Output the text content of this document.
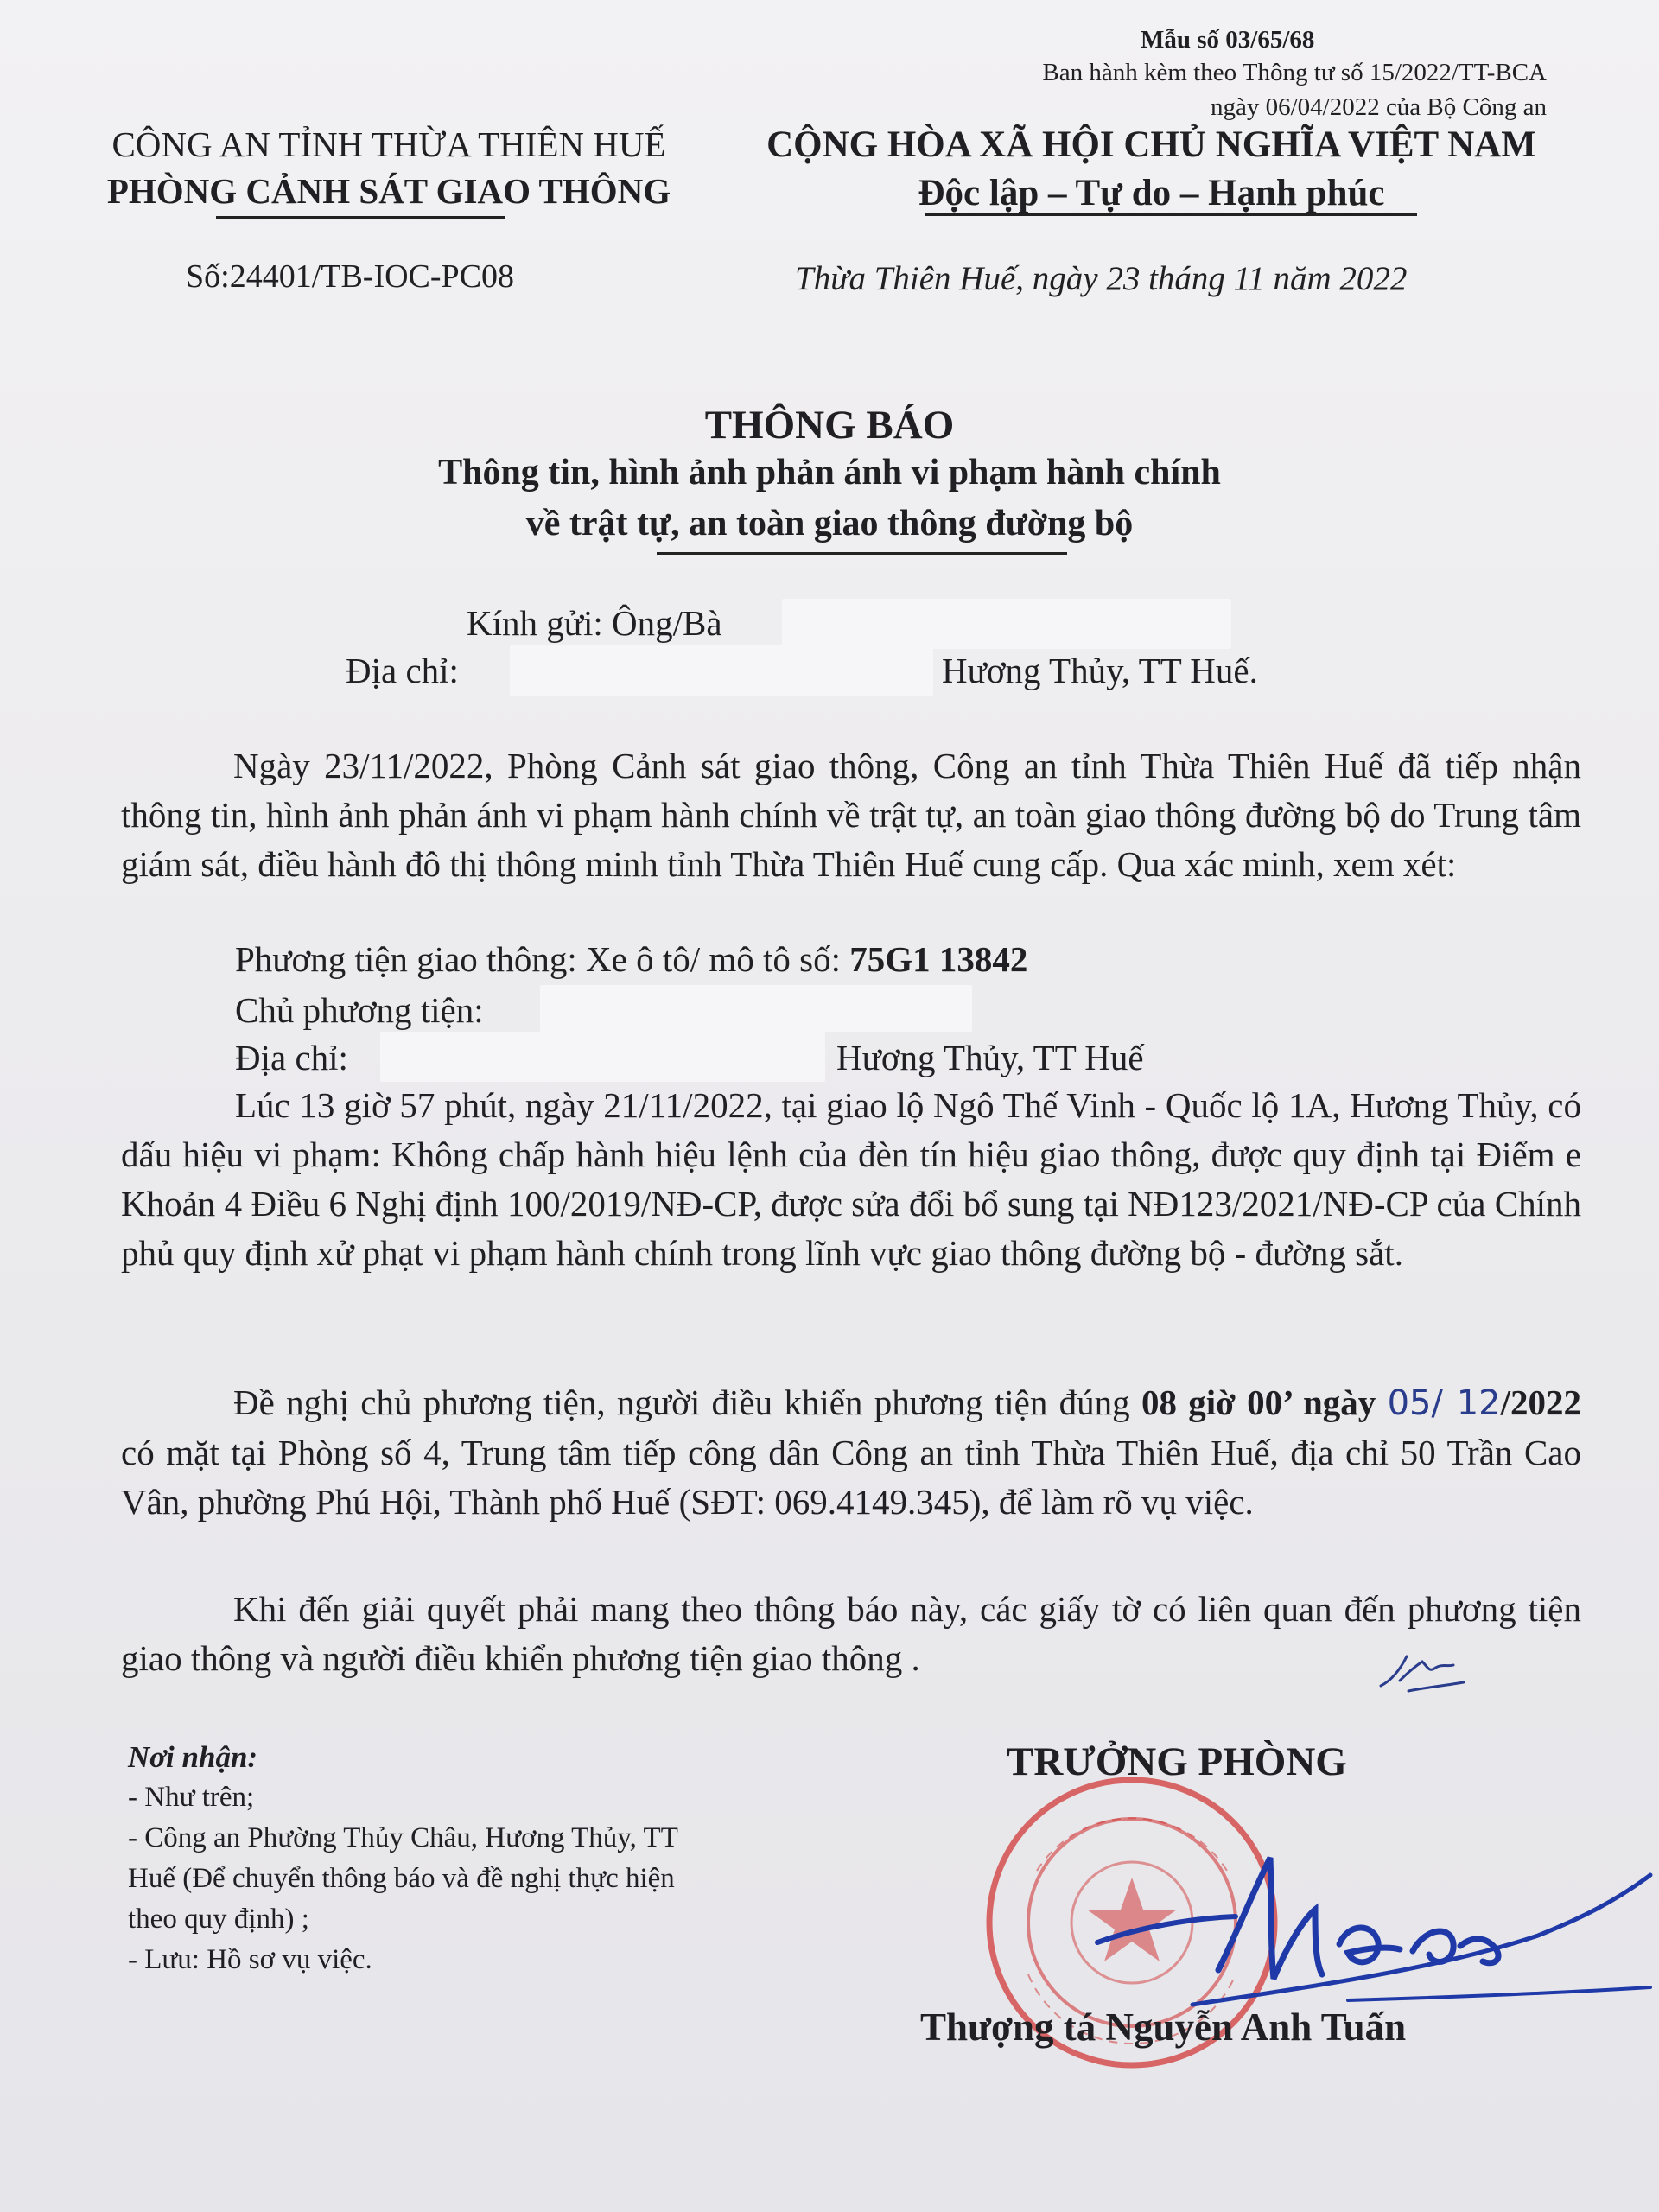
Mẫu số 03/65/68
Ban hành kèm theo Thông tư số 15/2022/TT-BCA
ngày 06/04/2022 của Bộ Công an
CÔNG AN TỈNH THỪA THIÊN HUẾ
PHÒNG CẢNH SÁT GIAO THÔNG
CỘNG HÒA XÃ HỘI CHỦ NGHĨA VIỆT NAM
Độc lập – Tự do – Hạnh phúc
Số:24401/TB-IOC-PC08	Thừa Thiên Huế, ngày 23 tháng 11 năm 2022
THÔNG BÁO
Thông tin, hình ảnh phản ánh vi phạm hành chính
về trật tự, an toàn giao thông đường bộ
Kính gửi: Ông/Bà
Địa chỉ:	Hương Thủy, TT Huế.

Ngày 23/11/2022, Phòng Cảnh sát giao thông, Công an tỉnh Thừa Thiên Huế đã tiếp nhận thông tin, hình ảnh phản ánh vi phạm hành chính về trật tự, an toàn giao thông đường bộ do Trung tâm giám sát, điều hành đô thị thông minh tỉnh Thừa Thiên Huế cung cấp. Qua xác minh, xem xét:

Phương tiện giao thông: Xe ô tô/ mô tô số: 75G1 13842
Chủ phương tiện:
Địa chỉ:	Hương Thủy, TT Huế

Lúc 13 giờ 57 phút, ngày 21/11/2022, tại giao lộ Ngô Thế Vinh - Quốc lộ 1A, Hương Thủy, có dấu hiệu vi phạm: Không chấp hành hiệu lệnh của đèn tín hiệu giao thông, được quy định tại Điểm e Khoản 4 Điều 6 Nghị định 100/2019/NĐ-CP, được sửa đổi bổ sung tại NĐ123/2021/NĐ-CP của Chính phủ quy định xử phạt vi phạm hành chính trong lĩnh vực giao thông đường bộ - đường sắt.

Đề nghị chủ phương tiện, người điều khiển phương tiện đúng 08 giờ 00’ ngày 05/ 12/2022 có mặt tại Phòng số 4, Trung tâm tiếp công dân Công an tỉnh Thừa Thiên Huế, địa chỉ 50 Trần Cao Vân, phường Phú Hội, Thành phố Huế (SĐT: 069.4149.345), để làm rõ vụ việc.

Khi đến giải quyết phải mang theo thông báo này, các giấy tờ có liên quan đến phương tiện giao thông và người điều khiển phương tiện giao thông .

Nơi nhận:
- Như trên;
- Công an Phường Thủy Châu, Hương Thủy, TT
Huế (Để chuyển thông báo và đề nghị thực hiện
theo quy định) ;
- Lưu: Hồ sơ vụ việc.
TRƯỞNG PHÒNG
Thượng tá Nguyễn Anh Tuấn
